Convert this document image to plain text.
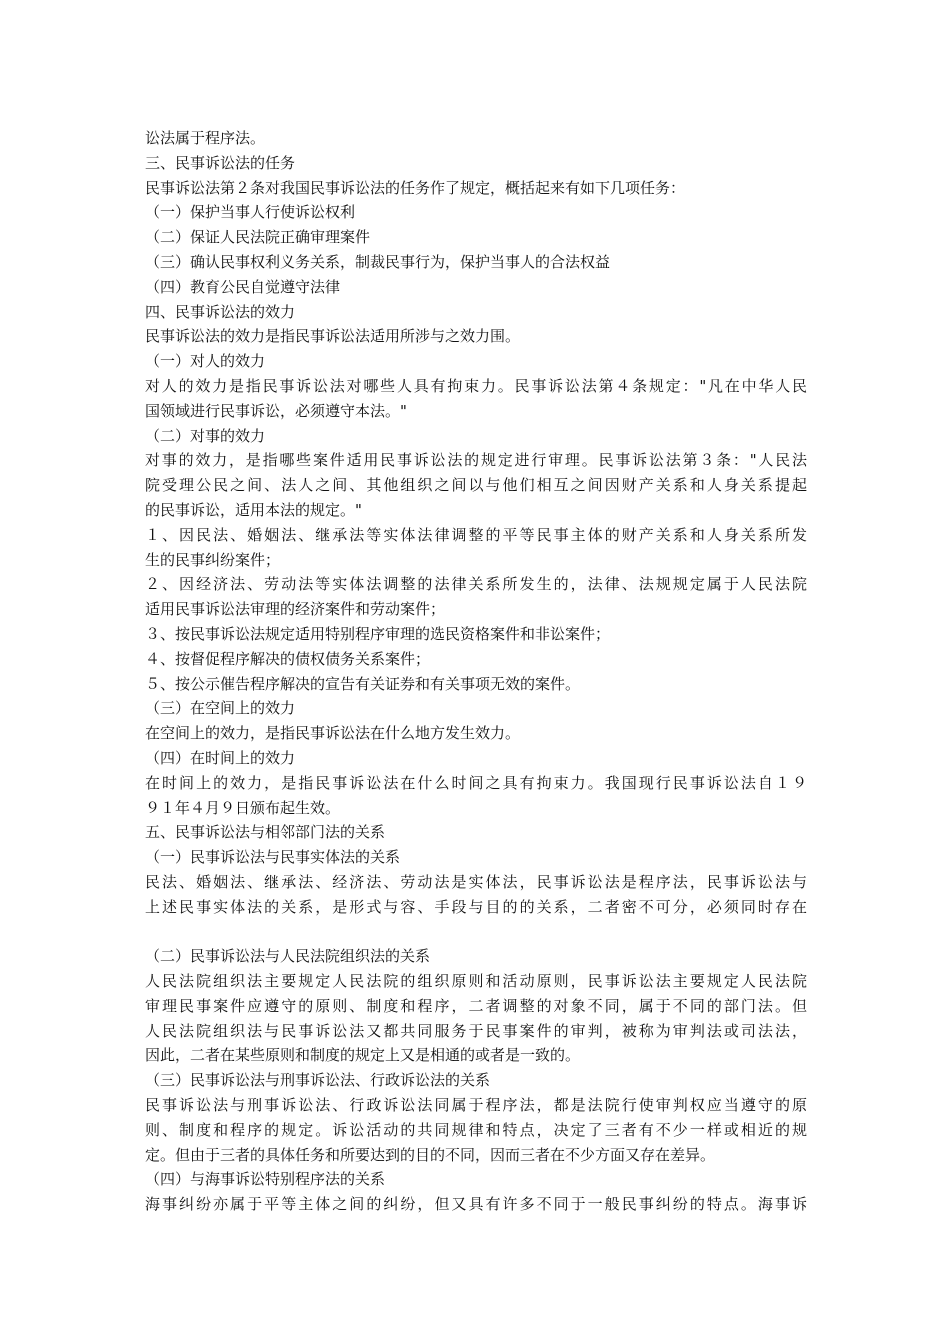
讼法属于程序法。
三、民事诉讼法的任务
民事诉讼法第２条对我国民事诉讼法的任务作了规定，概括起来有如下几项任务：
（一）保护当事人行使诉讼权利
（二）保证人民法院正确审理案件
（三）确认民事权利义务关系，制裁民事行为，保护当事人的合法权益
（四）教育公民自觉遵守法律
四、民事诉讼法的效力
民事诉讼法的效力是指民事诉讼法适用所涉与之效力围。
（一）对人的效力
对人的效力是指民事诉讼法对哪些人具有拘束力。民事诉讼法第４条规定："凡在中华人民
国领域进行民事诉讼，必须遵守本法。"
（二）对事的效力
对事的效力，是指哪些案件适用民事诉讼法的规定进行审理。民事诉讼法第３条："人民法
院受理公民之间、法人之间、其他组织之间以与他们相互之间因财产关系和人身关系提起
的民事诉讼，适用本法的规定。"
１、因民法、婚姻法、继承法等实体法律调整的平等民事主体的财产关系和人身关系所发
生的民事纠纷案件；
２、因经济法、劳动法等实体法调整的法律关系所发生的，法律、法规规定属于人民法院
适用民事诉讼法审理的经济案件和劳动案件；
３、按民事诉讼法规定适用特别程序审理的选民资格案件和非讼案件；
４、按督促程序解决的债权债务关系案件；
５、按公示催告程序解决的宣告有关证券和有关事项无效的案件。
（三）在空间上的效力
在空间上的效力，是指民事诉讼法在什么地方发生效力。
（四）在时间上的效力
在时间上的效力，是指民事诉讼法在什么时间之具有拘束力。我国现行民事诉讼法自１９
９１年４月９日颁布起生效。
五、民事诉讼法与相邻部门法的关系
（一）民事诉讼法与民事实体法的关系
民法、婚姻法、继承法、经济法、劳动法是实体法，民事诉讼法是程序法，民事诉讼法与
上述民事实体法的关系，是形式与容、手段与目的的关系，二者密不可分，必须同时存在
（二）民事诉讼法与人民法院组织法的关系
人民法院组织法主要规定人民法院的组织原则和活动原则，民事诉讼法主要规定人民法院
审理民事案件应遵守的原则、制度和程序，二者调整的对象不同，属于不同的部门法。但
人民法院组织法与民事诉讼法又都共同服务于民事案件的审判，被称为审判法或司法法，
因此，二者在某些原则和制度的规定上又是相通的或者是一致的。
（三）民事诉讼法与刑事诉讼法、行政诉讼法的关系
民事诉讼法与刑事诉讼法、行政诉讼法同属于程序法，都是法院行使审判权应当遵守的原
则、制度和程序的规定。诉讼活动的共同规律和特点，决定了三者有不少一样或相近的规
定。但由于三者的具体任务和所要达到的目的不同，因而三者在不少方面又存在差异。
（四）与海事诉讼特别程序法的关系
海事纠纷亦属于平等主体之间的纠纷，但又具有许多不同于一般民事纠纷的特点。海事诉
